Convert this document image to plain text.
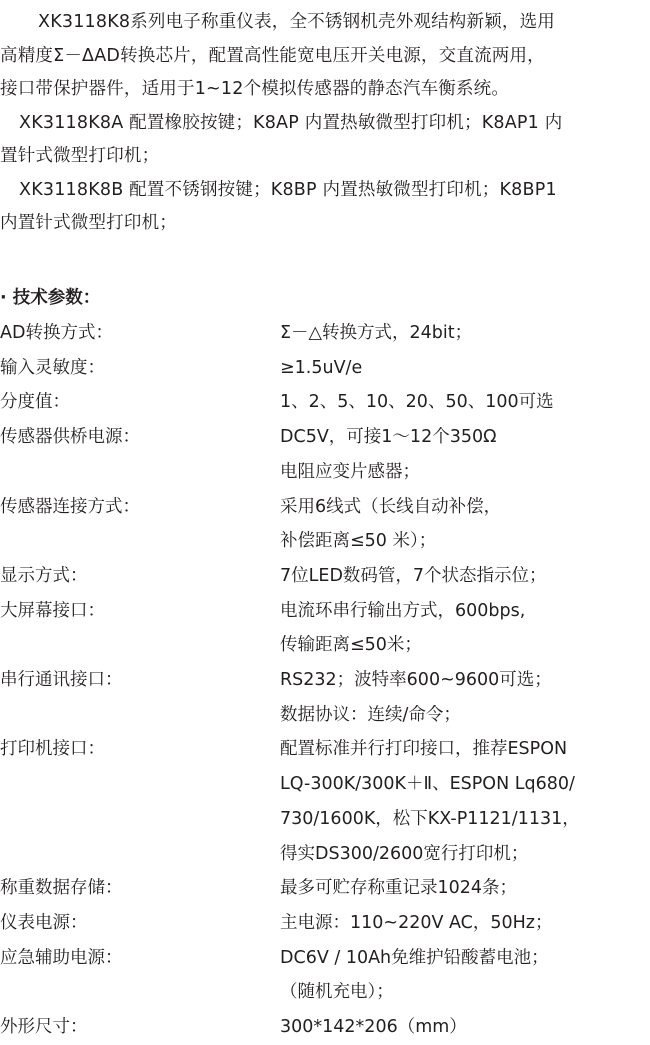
XK3118K8系列电子称重仪表，全不锈钢机壳外观结构新颖，选用
高精度Σ－ΔAD转换芯片，配置高性能宽电压开关电源，交直流两用，
接口带保护器件，适用于1~12个模拟传感器的静态汽车衡系统。

XK3118K8A 配置橡胶按键；K8AP 内置热敏微型打印机；K8AP1 内
置针式微型打印机；

XK3118K8B 配置不锈钢按键；K8BP 内置热敏微型打印机；K8BP1
内置针式微型打印机；

· 技术参数：
AD转换方式：	Σ－△转换方式，24bit；
输入灵敏度：	≥1.5uV/e
分度值：	1、2、5、10、20、50、100可选
传感器供桥电源：	DC5V，可接1～12个350Ω
电阻应变片感器；
传感器连接方式：	采用6线式（长线自动补偿，
补偿距离≤50 米）；
显示方式：	7位LED数码管，7个状态指示位；
大屏幕接口：	电流环串行输出方式，600bps,
传输距离≤50米；
串行通讯接口：	RS232；波特率600~9600可选；
数据协议：连续/命令；
打印机接口：	配置标准并行打印接口，推荐ESPON
LQ-300K/300K＋Ⅱ、ESPON Lq680/
730/1600K，松下KX-P1121/1131，
得实DS300/2600宽行打印机；
称重数据存储：	最多可贮存称重记录1024条；
仪表电源：	主电源：110~220V AC，50Hz；
应急辅助电源：	DC6V / 10Ah免维护铅酸蓄电池；
（随机充电）；
外形尺寸：	300*142*206（mm）
